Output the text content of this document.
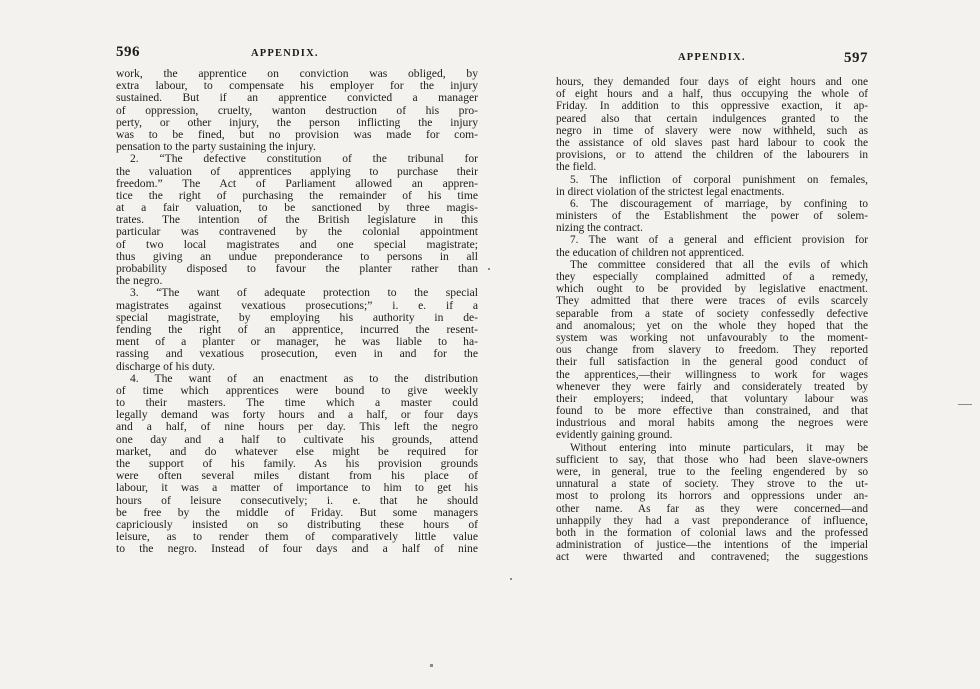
596	APPENDIX.
work, the apprentice on conviction was obliged, by
extra labour, to compensate his employer for the injury
sustained. But if an apprentice convicted a manager
of oppression, cruelty, wanton destruction of his pro-
perty, or other injury, the person inflicting the injury
was to be fined, but no provision was made for com-
pensation to the party sustaining the injury.
2. “The defective constitution of the tribunal for
the valuation of apprentices applying to purchase their
freedom.” The Act of Parliament allowed an appren-
tice the right of purchasing the remainder of his time
at a fair valuation, to be sanctioned by three magis-
trates. The intention of the British legislature in this
particular was contravened by the colonial appointment
of two local magistrates and one special magistrate;
thus giving an undue preponderance to persons in all
probability disposed to favour the planter rather than
the negro.
3. “The want of adequate protection to the special
magistrates against vexatious prosecutions;” i. e. if a
special magistrate, by employing his authority in de-
fending the right of an apprentice, incurred the resent-
ment of a planter or manager, he was liable to ha-
rassing and vexatious prosecution, even in and for the
discharge of his duty.
4. The want of an enactment as to the distribution
of time which apprentices were bound to give weekly
to their masters. The time which a master could
legally demand was forty hours and a half, or four days
and a half, of nine hours per day. This left the negro
one day and a half to cultivate his grounds, attend
market, and do whatever else might be required for
the support of his family. As his provision grounds
were often several miles distant from his place of
labour, it was a matter of importance to him to get his
hours of leisure consecutively; i. e. that he should
be free by the middle of Friday. But some managers
capriciously insisted on so distributing these hours of
leisure, as to render them of comparatively little value
to the negro. Instead of four days and a half of nine
APPENDIX.	597
hours, they demanded four days of eight hours and one
of eight hours and a half, thus occupying the whole of
Friday. In addition to this oppressive exaction, it ap-
peared also that certain indulgences granted to the
negro in time of slavery were now withheld, such as
the assistance of old slaves past hard labour to cook the
provisions, or to attend the children of the labourers in
the field.
5. The infliction of corporal punishment on females,
in direct violation of the strictest legal enactments.
6. The discouragement of marriage, by confining to
ministers of the Establishment the power of solem-
nizing the contract.
7. The want of a general and efficient provision for
the education of children not apprenticed.
The committee considered that all the evils of which
they especially complained admitted of a remedy,
which ought to be provided by legislative enactment.
They admitted that there were traces of evils scarcely
separable from a state of society confessedly defective
and anomalous; yet on the whole they hoped that the
system was working not unfavourably to the moment-
ous change from slavery to freedom. They reported
their full satisfaction in the general good conduct of
the apprentices,—their willingness to work for wages
whenever they were fairly and considerately treated by
their employers; indeed, that voluntary labour was
found to be more effective than constrained, and that
industrious and moral habits among the negroes were
evidently gaining ground.
Without entering into minute particulars, it may be
sufficient to say, that those who had been slave-owners
were, in general, true to the feeling engendered by so
unnatural a state of society. They strove to the ut-
most to prolong its horrors and oppressions under an-
other name. As far as they were concerned—and
unhappily they had a vast preponderance of influence,
both in the formation of colonial laws and the professed
administration of justice—the intentions of the imperial
act were thwarted and contravened; the suggestions
